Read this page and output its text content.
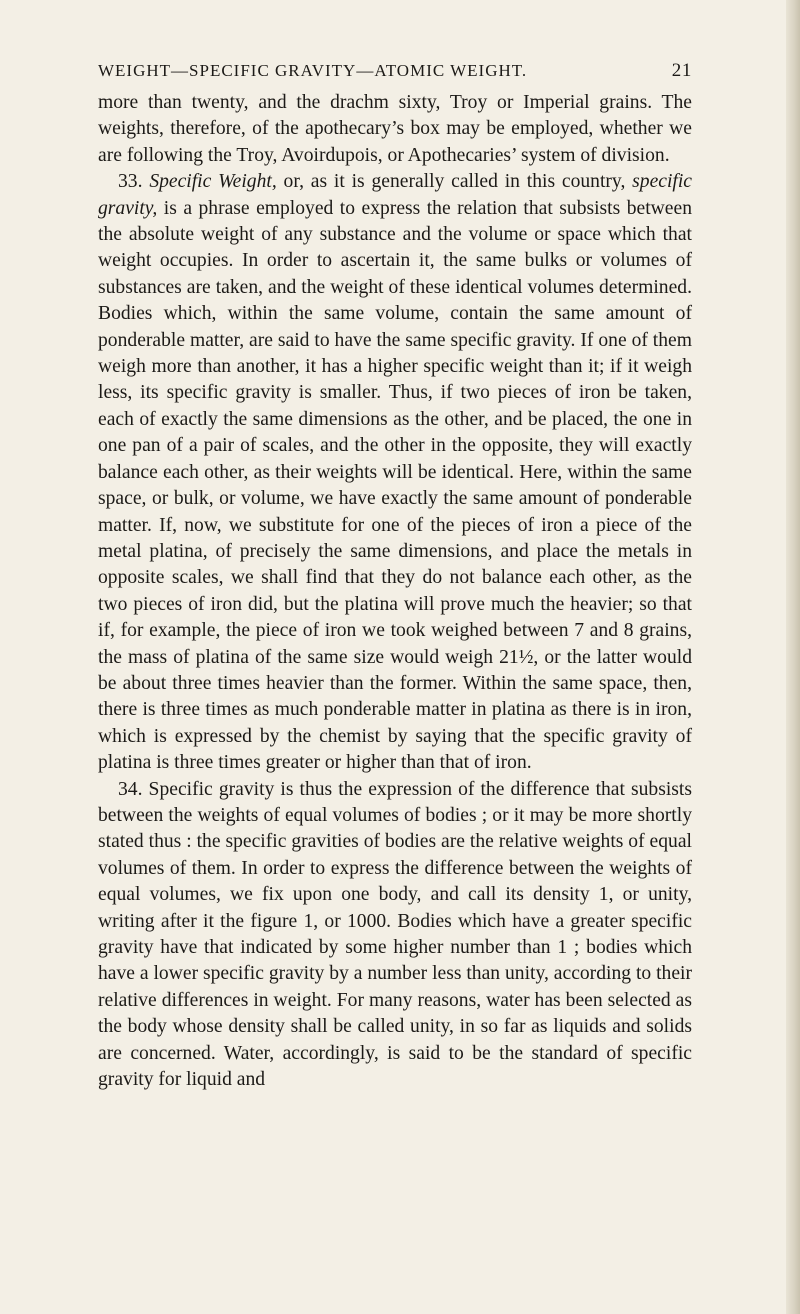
WEIGHT—SPECIFIC GRAVITY—ATOMIC WEIGHT.	21

more than twenty, and the drachm sixty, Troy or Imperial grains. The weights, therefore, of the apothecary’s box may be employed, whether we are following the Troy, Avoirdupois, or Apothecaries’ system of division.

33. Specific Weight, or, as it is generally called in this country, specific gravity, is a phrase employed to express the relation that subsists between the absolute weight of any substance and the volume or space which that weight occupies. In order to ascertain it, the same bulks or volumes of substances are taken, and the weight of these identical volumes determined. Bodies which, within the same volume, contain the same amount of ponderable matter, are said to have the same specific gravity. If one of them weigh more than another, it has a higher specific weight than it; if it weigh less, its specific gravity is smaller. Thus, if two pieces of iron be taken, each of exactly the same dimensions as the other, and be placed, the one in one pan of a pair of scales, and the other in the opposite, they will exactly balance each other, as their weights will be identical. Here, within the same space, or bulk, or volume, we have exactly the same amount of ponderable matter. If, now, we substitute for one of the pieces of iron a piece of the metal platina, of precisely the same dimensions, and place the metals in opposite scales, we shall find that they do not balance each other, as the two pieces of iron did, but the platina will prove much the heavier; so that if, for example, the piece of iron we took weighed between 7 and 8 grains, the mass of platina of the same size would weigh 21½, or the latter would be about three times heavier than the former. Within the same space, then, there is three times as much ponderable matter in platina as there is in iron, which is expressed by the chemist by saying that the specific gravity of platina is three times greater or higher than that of iron.

34. Specific gravity is thus the expression of the difference that subsists between the weights of equal volumes of bodies ; or it may be more shortly stated thus : the specific gravities of bodies are the relative weights of equal volumes of them. In order to express the difference between the weights of equal volumes, we fix upon one body, and call its density 1, or unity, writing after it the figure 1, or 1000. Bodies which have a greater specific gravity have that indicated by some higher number than 1 ; bodies which have a lower specific gravity by a number less than unity, according to their relative differences in weight. For many reasons, water has been selected as the body whose density shall be called unity, in so far as liquids and solids are concerned. Water, accordingly, is said to be the standard of specific gravity for liquid and
